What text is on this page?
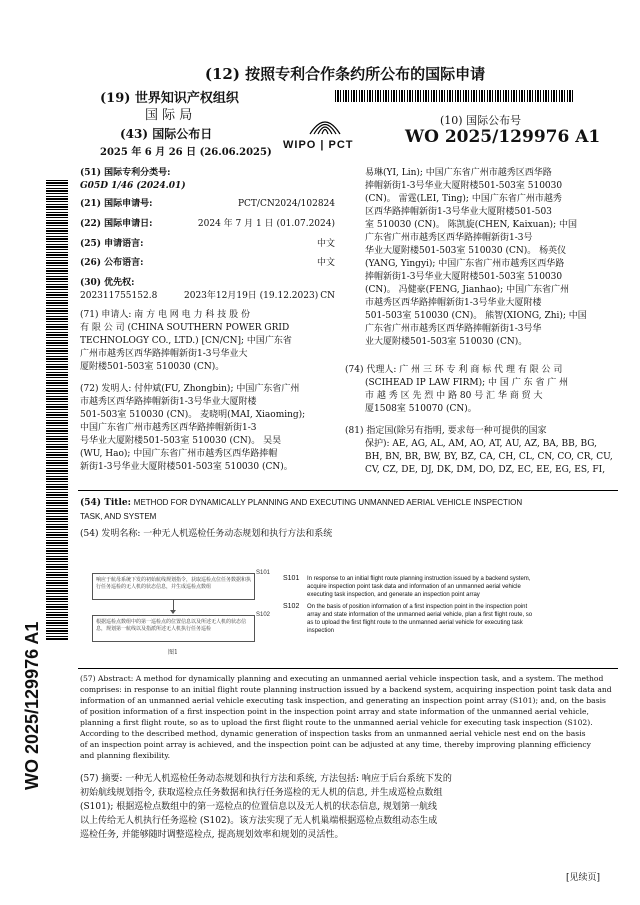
(12) 按照专利合作条约所公布的国际申请
(19) 世界知识产权组织
国 际 局
(43) 国际公布日
2025 年 6 月 26 日 (26.06.2025)
WIPO | PCT
(10) 国际公布号
WO 2025/129976 A1
WO 2025/129976 A1
(51) 国际专利分类号:
G05D 1/46 (2024.01)
(21) 国际申请号:	PCT/CN2024/102824
(22) 国际申请日:	2024 年 7 月 1 日 (01.07.2024)
(25) 申请语言:	中文
(26) 公布语言:	中文
(30) 优先权:
202311755152.8	2023年12月19日 (19.12.2023) CN
(71) 申请人: 南 方 电 网 电 力 科 技 股 份
有 限 公 司 (CHINA SOUTHERN POWER GRID
TECHNOLOGY CO., LTD.) [CN/CN]; 中国广东省
广州市越秀区西华路捧帽新街1-3号华业大
厦附楼501-503室 510030 (CN)。
(72) 发明人: 付仲斌(FU, Zhongbin); 中国广东省广州
市越秀区西华路捧帽新街1-3号华业大厦附楼
501-503室 510030 (CN)。 麦晓明(MAI, Xiaoming);
中国广东省广州市越秀区西华路捧帽新街1-3
号华业大厦附楼501-503室 510030 (CN)。 吴昊
(WU, Hao); 中国广东省广州市越秀区西华路捧帽
新街1-3号华业大厦附楼501-503室 510030 (CN)。
易琳(YI, Lin); 中国广东省广州市越秀区西华路
捧帽新街1-3号华业大厦附楼501-503室 510030
(CN)。 雷霆(LEI, Ting); 中国广东省广州市越秀
区西华路捧帽新街1-3号华业大厦附楼501-503
室 510030 (CN)。 陈凯旋(CHEN, Kaixuan); 中国
广东省广州市越秀区西华路捧帽新街1-3号
华业大厦附楼501-503室 510030 (CN)。 杨英仪
(YANG, Yingyi); 中国广东省广州市越秀区西华路
捧帽新街1-3号华业大厦附楼501-503室 510030
(CN)。 冯健豪(FENG, Jianhao); 中国广东省广州
市越秀区西华路捧帽新街1-3号华业大厦附楼
501-503室 510030 (CN)。 熊智(XIONG, Zhi); 中国
广东省广州市越秀区西华路捧帽新街1-3号华
业大厦附楼501-503室 510030 (CN)。
(74) 代理人: 广 州 三 环 专 利 商 标 代 理 有 限 公 司
(SCIHEAD IP LAW FIRM); 中 国 广 东 省 广 州
市 越 秀 区 先 烈 中 路 80 号 汇 华 商 贸 大
厦1508室 510070 (CN)。
(81) 指定国(除另有指明, 要求每一种可提供的国家
保护): AE, AG, AL, AM, AO, AT, AU, AZ, BA, BB, BG,
BH, BN, BR, BW, BY, BZ, CA, CH, CL, CN, CO, CR, CU,
CV, CZ, DE, DJ, DK, DM, DO, DZ, EC, EE, EG, ES, FI,
(54) Title: METHOD FOR DYNAMICALLY PLANNING AND EXECUTING UNMANNED AERIAL VEHICLE INSPECTION
TASK, AND SYSTEM
(54) 发明名称: 一种无人机巡检任务动态规划和执行方法和系统
响应于航母系统下发的初始航线规划指令，获取巡检点位任务数据和执行任务巡检的无人机的状态信息，并生成巡检点数组
S101
根据巡检点数组中的第一巡检点的位置信息以及所述无人机的状态信息，规划第一航线以及指派所述无人机执行任务巡检
S102
图1
S101 In response to an initial flight route planning instruction issued by a backend system,
acquire inspection point task data and information of an unmanned aerial vehicle
executing task inspection, and generate an inspection point array
S102 On the basis of position information of a first inspection point in the inspection point
array and state information of the unmanned aerial vehicle, plan a first flight route, so
as to upload the first flight route to the unmanned aerial vehicle for executing task
inspection
(57) Abstract: A method for dynamically planning and executing an unmanned aerial vehicle inspection task, and a system. The method
comprises: in response to an initial flight route planning instruction issued by a backend system, acquiring inspection point task data and
information of an unmanned aerial vehicle executing task inspection, and generating an inspection point array (S101); and, on the basis
of position information of a first inspection point in the inspection point array and state information of the unmanned aerial vehicle,
planning a first flight route, so as to upload the first flight route to the unmanned aerial vehicle for executing task inspection (S102).
According to the described method, dynamic generation of inspection tasks from an unmanned aerial vehicle nest end on the basis
of an inspection point array is achieved, and the inspection point can be adjusted at any time, thereby improving planning efficiency
and planning flexibility.
(57) 摘要: 一种无人机巡检任务动态规划和执行方法和系统, 方法包括: 响应于后台系统下发的
初始航线规划指令, 获取巡检点任务数据和执行任务巡检的无人机的信息, 并生成巡检点数组
(S101); 根据巡检点数组中的第一巡检点的位置信息以及无人机的状态信息, 规划第一航线
以上传给无人机执行任务巡检 (S102)。该方法实现了无人机巢端根据巡检点数组动态生成
巡检任务, 并能够随时调整巡检点, 提高规划效率和规划的灵活性。
[见续页]
